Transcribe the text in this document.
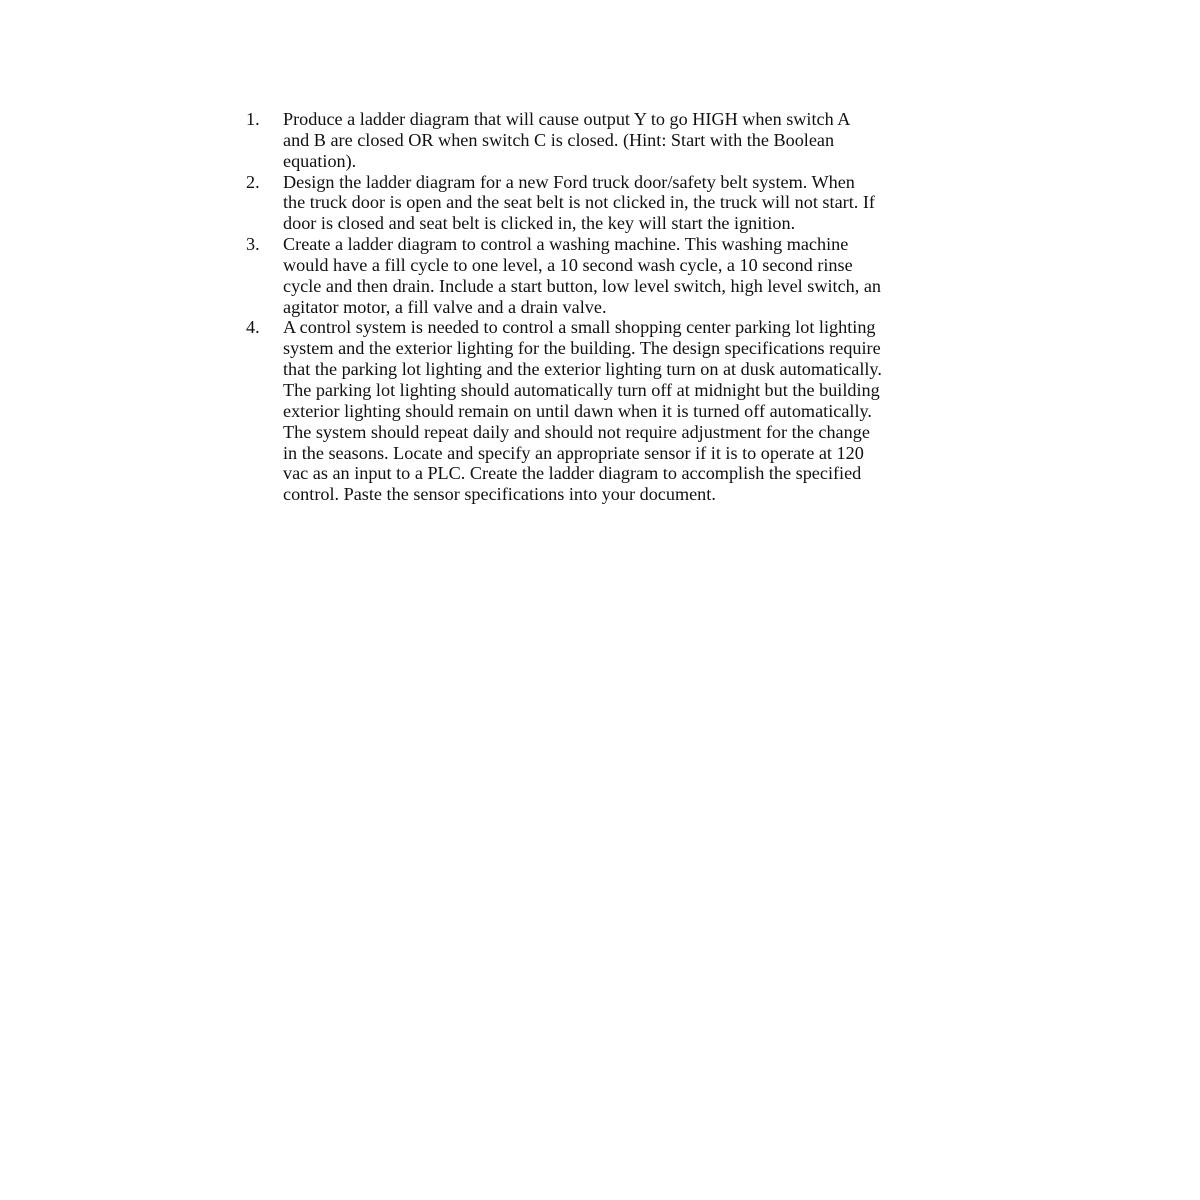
1.	Produce a ladder diagram that will cause output Y to go HIGH when switch A
and B are closed OR when switch C is closed. (Hint: Start with the Boolean
equation).
2.	Design the ladder diagram for a new Ford truck door/safety belt system. When
the truck door is open and the seat belt is not clicked in, the truck will not start. If
door is closed and seat belt is clicked in, the key will start the ignition.
3.	Create a ladder diagram to control a washing machine. This washing machine
would have a fill cycle to one level, a 10 second wash cycle, a 10 second rinse
cycle and then drain. Include a start button, low level switch, high level switch, an
agitator motor, a fill valve and a drain valve.
4.	A control system is needed to control a small shopping center parking lot lighting
system and the exterior lighting for the building. The design specifications require
that the parking lot lighting and the exterior lighting turn on at dusk automatically.
The parking lot lighting should automatically turn off at midnight but the building
exterior lighting should remain on until dawn when it is turned off automatically.
The system should repeat daily and should not require adjustment for the change
in the seasons. Locate and specify an appropriate sensor if it is to operate at 120
vac as an input to a PLC. Create the ladder diagram to accomplish the specified
control. Paste the sensor specifications into your document.
